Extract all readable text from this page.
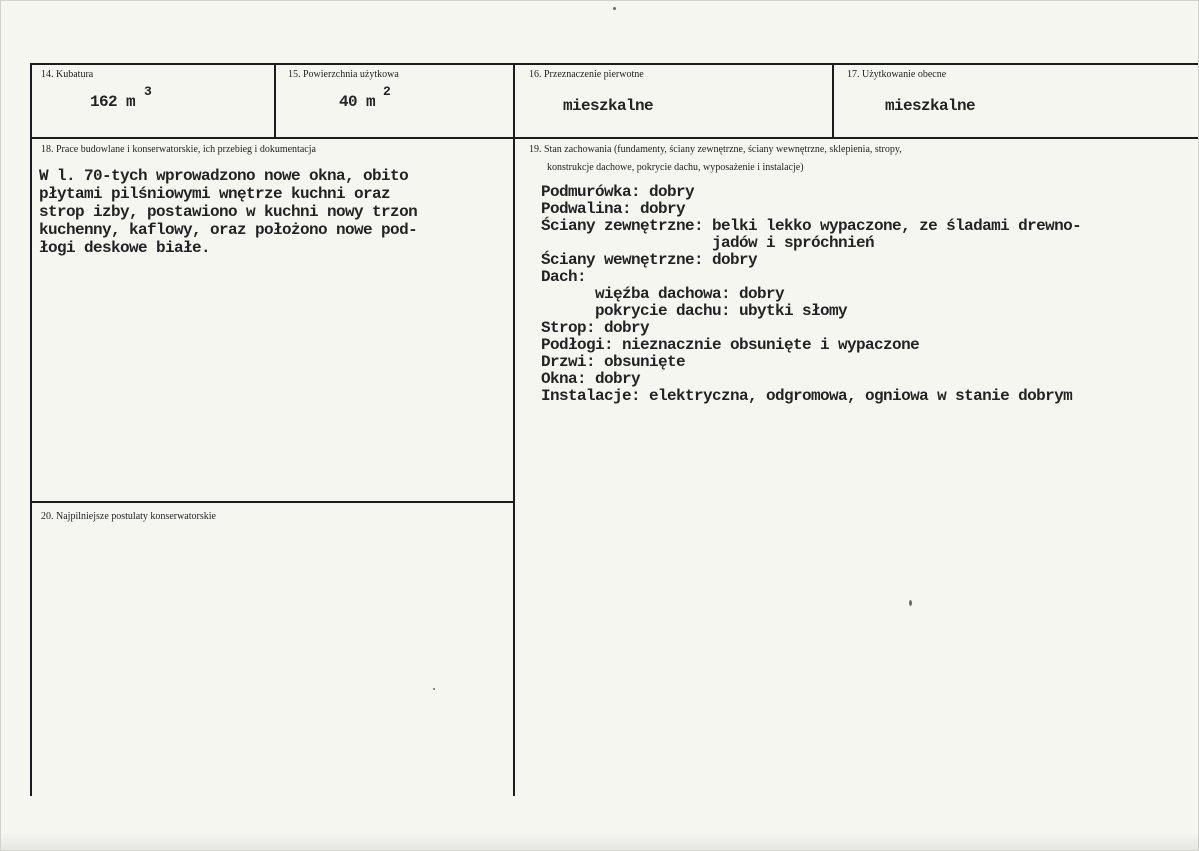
14. Kubatura
162 m
3
15. Powierzchnia użytkowa
40 m
2
16. Przeznaczenie pierwotne
mieszkalne
17. Użytkowanie obecne
mieszkalne
18. Prace budowlane i konserwatorskie, ich przebieg i dokumentacja
W l. 70-tych wprowadzono nowe okna, obito
płytami pilśniowymi wnętrze kuchni oraz
strop izby, postawiono w kuchni nowy trzon
kuchenny, kaflowy, oraz położono nowe pod-
łogi deskowe białe.
19. Stan zachowania (fundamenty, ściany zewnętrzne, ściany wewnętrzne, sklepienia, stropy,
konstrukcje dachowe, pokrycie dachu, wyposażenie i instalacje)
Podmurówka: dobry
Podwalina: dobry
Ściany zewnętrzne: belki lekko wypaczone, ze śladami drewno-
jadów i spróchnień
Ściany wewnętrzne: dobry
Dach:
więźba dachowa: dobry
pokrycie dachu: ubytki słomy
Strop: dobry
Podłogi: nieznacznie obsunięte i wypaczone
Drzwi: obsunięte
Okna: dobry
Instalacje: elektryczna, odgromowa, ogniowa w stanie dobrym
20. Najpilniejsze postulaty konserwatorskie
